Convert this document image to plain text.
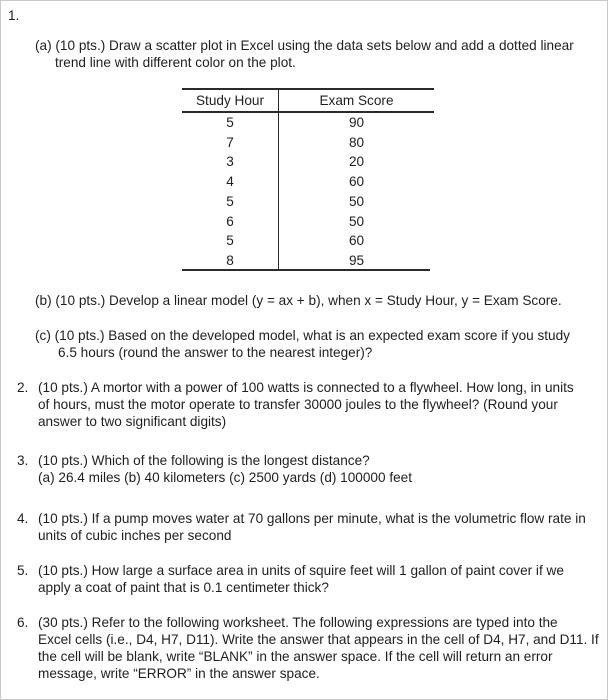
1.
(a) (10 pts.) Draw a scatter plot in Excel using the data sets below and add a dotted linear
trend line with different color on the plot.
Study Hour	Exam Score
5	90
7	80
3	20
4	60
5	50
6	50
5	60
8	95
(b) (10 pts.) Develop a linear model (y = ax + b), when x = Study Hour, y = Exam Score.
(c) (10 pts.) Based on the developed model, what is an expected exam score if you study
6.5 hours (round the answer to the nearest integer)?
2. (10 pts.) A mortor with a power of 100 watts is connected to a flywheel. How long, in units
of hours, must the motor operate to transfer 30000 joules to the flywheel? (Round your
answer to two significant digits)
3. (10 pts.) Which of the following is the longest distance?
(a) 26.4 miles (b) 40 kilometers (c) 2500 yards (d) 100000 feet
4. (10 pts.) If a pump moves water at 70 gallons per minute, what is the volumetric flow rate in
units of cubic inches per second
5. (10 pts.) How large a surface area in units of squire feet will 1 gallon of paint cover if we
apply a coat of paint that is 0.1 centimeter thick?
6. (30 pts.) Refer to the following worksheet. The following expressions are typed into the
Excel cells (i.e., D4, H7, D11). Write the answer that appears in the cell of D4, H7, and D11. If
the cell will be blank, write “BLANK” in the answer space. If the cell will return an error
message, write “ERROR” in the answer space.
